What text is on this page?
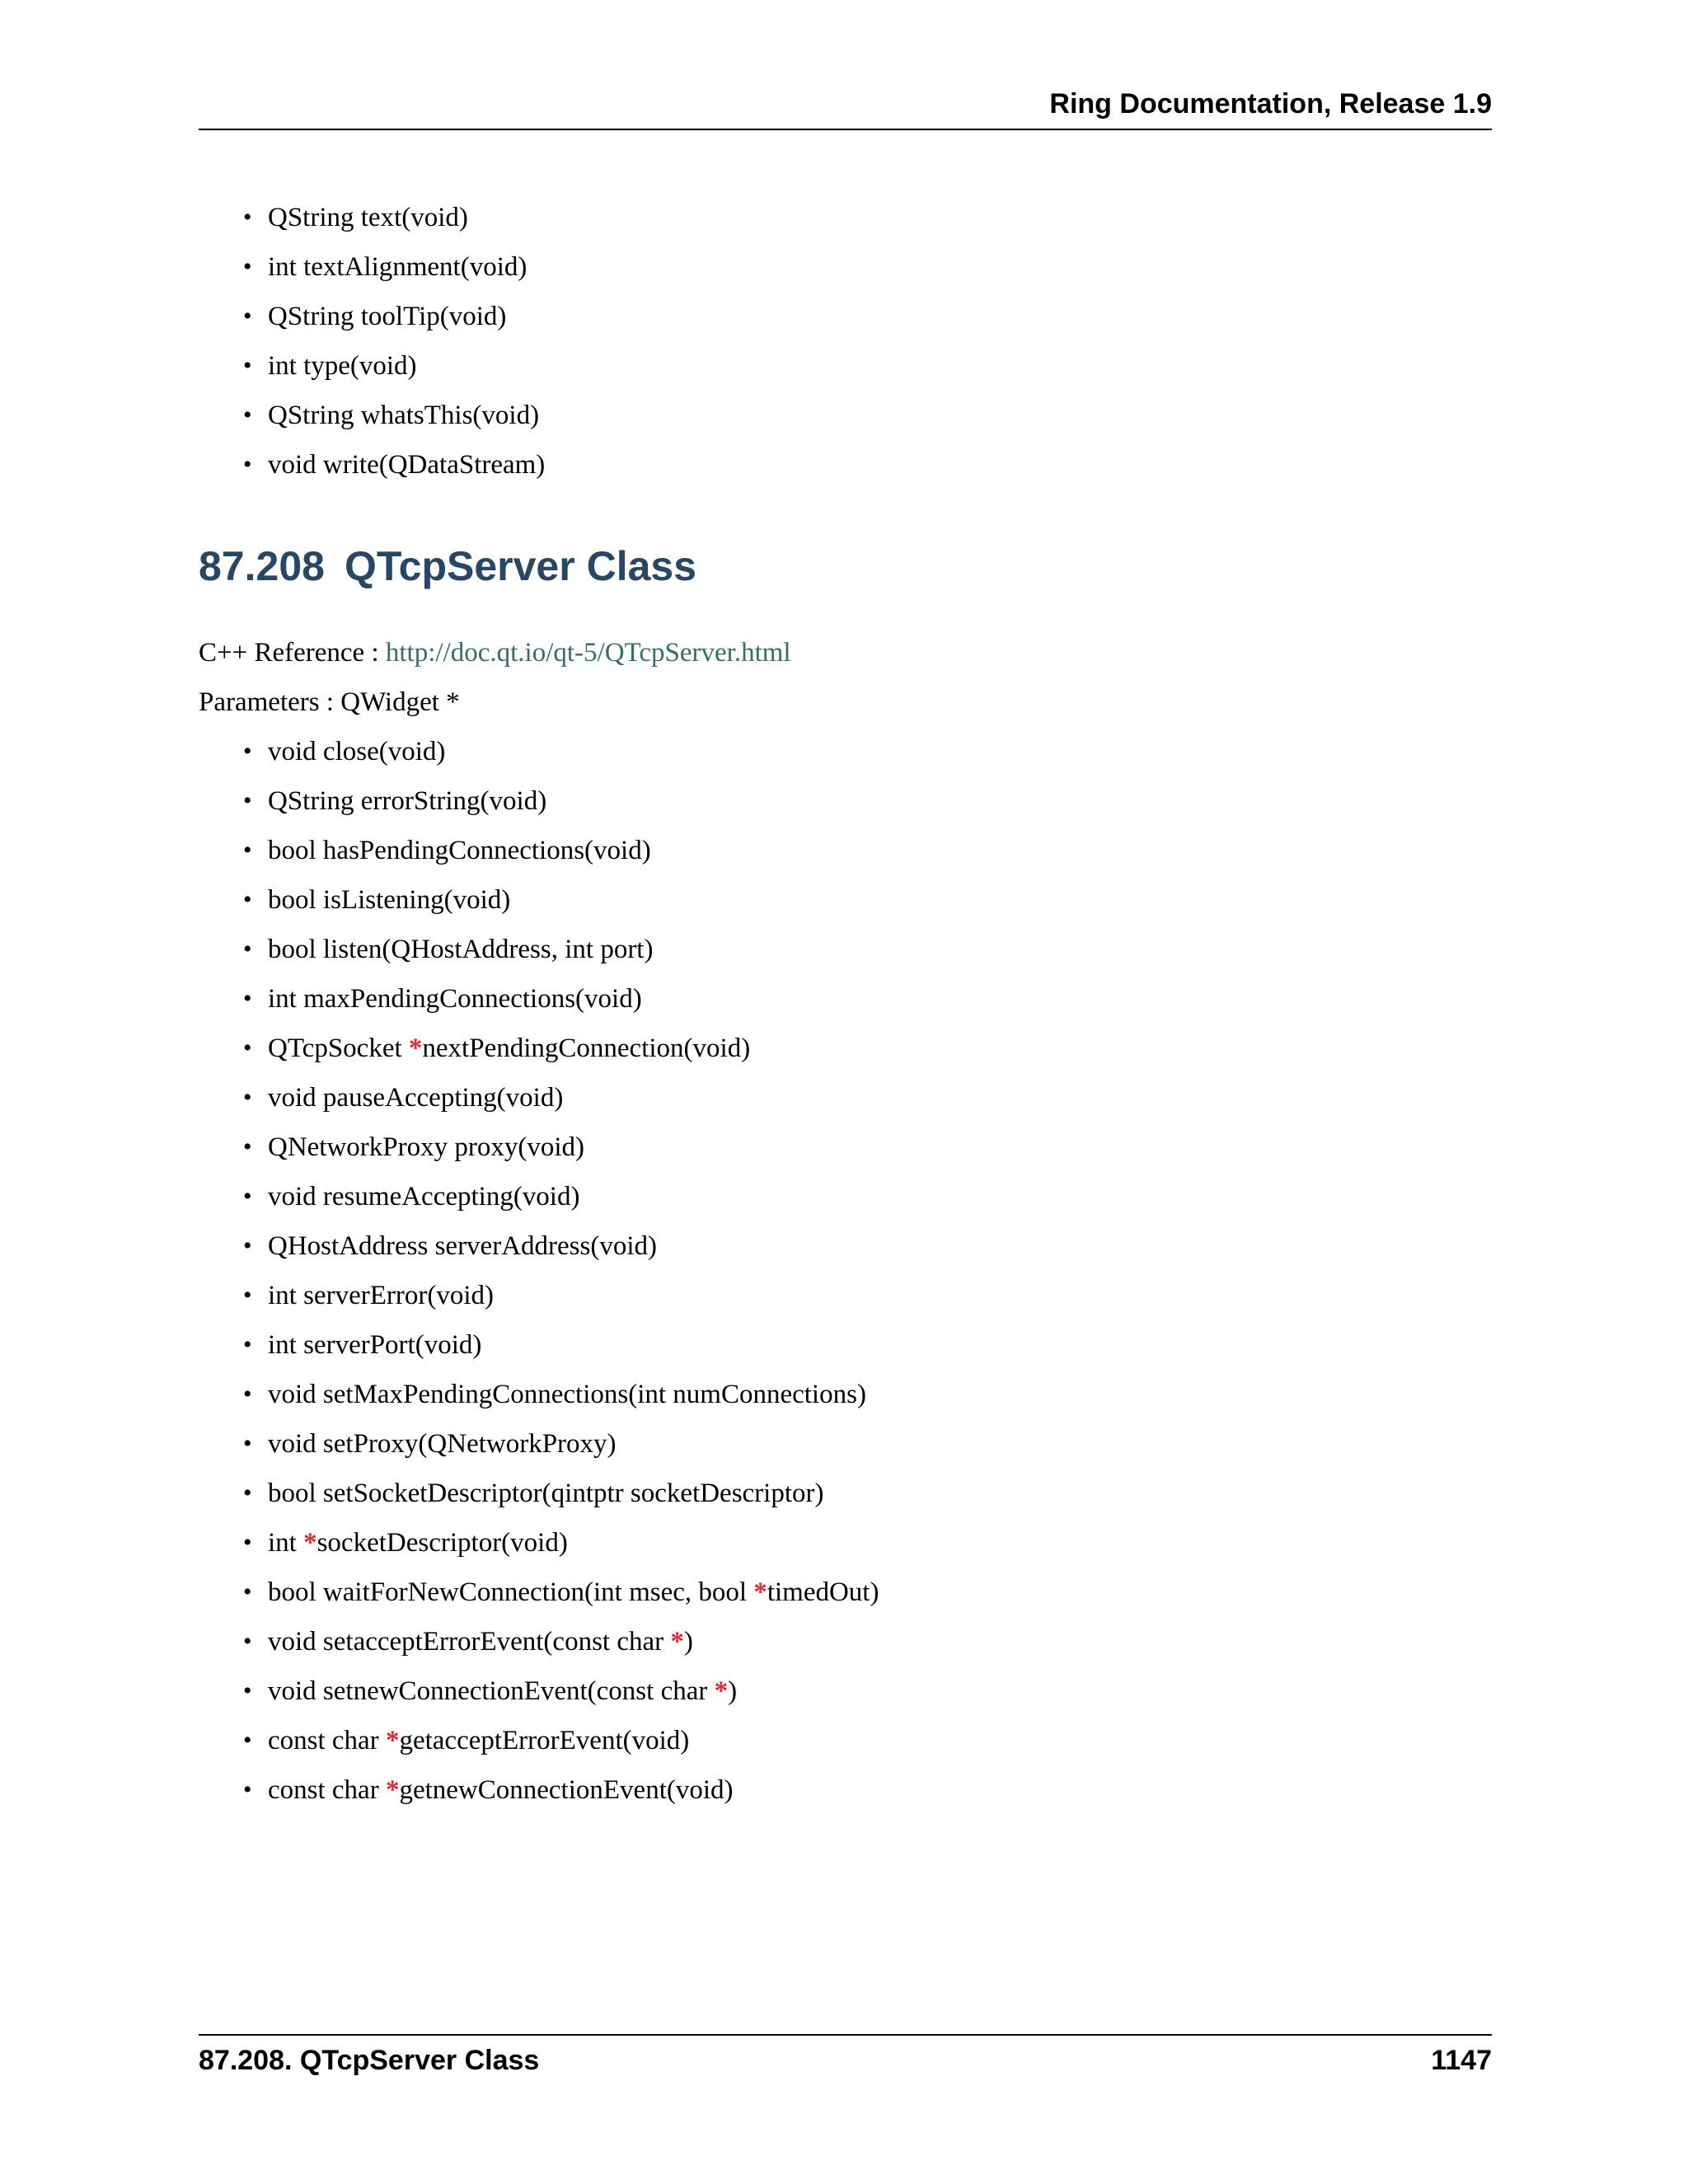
Ring Documentation, Release 1.9
• QString text(void)
• int textAlignment(void)
• QString toolTip(void)
• int type(void)
• QString whatsThis(void)
• void write(QDataStream)
87.208 QTcpServer Class
C++ Reference : http://doc.qt.io/qt-5/QTcpServer.html
Parameters : QWidget *
• void close(void)
• QString errorString(void)
• bool hasPendingConnections(void)
• bool isListening(void)
• bool listen(QHostAddress, int port)
• int maxPendingConnections(void)
• QTcpSocket *nextPendingConnection(void)
• void pauseAccepting(void)
• QNetworkProxy proxy(void)
• void resumeAccepting(void)
• QHostAddress serverAddress(void)
• int serverError(void)
• int serverPort(void)
• void setMaxPendingConnections(int numConnections)
• void setProxy(QNetworkProxy)
• bool setSocketDescriptor(qintptr socketDescriptor)
• int *socketDescriptor(void)
• bool waitForNewConnection(int msec, bool *timedOut)
• void setacceptErrorEvent(const char *)
• void setnewConnectionEvent(const char *)
• const char *getacceptErrorEvent(void)
• const char *getnewConnectionEvent(void)
87.208. QTcpServer Class	1147
